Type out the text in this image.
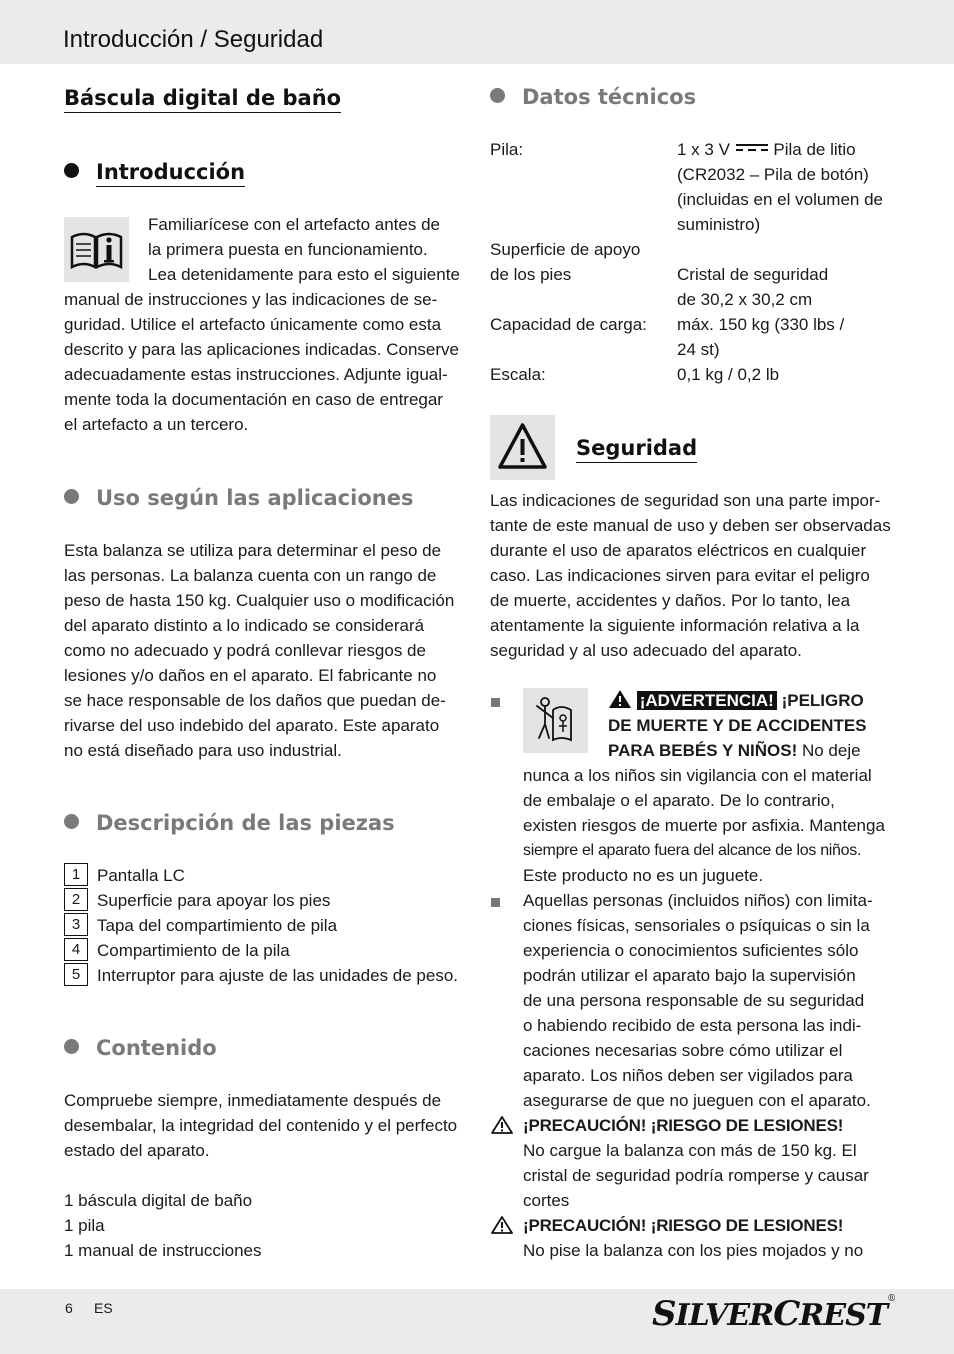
Introducción / Seguridad
Báscula digital de baño
Introducción

Familiarícese con el artefacto antes de

la primera puesta en funcionamiento.

Lea detenidamente para esto el siguiente

manual de instrucciones y las indicaciones de se-

guridad. Utilice el artefacto únicamente como esta

descrito y para las aplicaciones indicadas. Conserve

adecuadamente estas instrucciones. Adjunte igual-

mente toda la documentación en caso de entregar

el artefacto a un tercero.

Uso según las aplicaciones

Esta balanza se utiliza para determinar el peso de

las personas. La balanza cuenta con un rango de

peso de hasta 150 kg. Cualquier uso o modificación

del aparato distinto a lo indicado se considerará

como no adecuado y podrá conllevar riesgos de

lesiones y/o daños en el aparato. El fabricante no

se hace responsable de los daños que puedan de-

rivarse del uso indebido del aparato. Este aparato

no está diseñado para uso industrial.

Descripción de las piezas
1 Pantalla LC
2 Superficie para apoyar los pies
3 Tapa del compartimiento de pila
4 Compartimiento de la pila
5 Interruptor para ajuste de las unidades de peso.
Contenido

Compruebe siempre, inmediatamente después de

desembalar, la integridad del contenido y el perfecto

estado del aparato.

1 báscula digital de baño

1 pila

1 manual de instrucciones

Datos técnicos
Pila:	1 x 3 V	Pila de litio
(CR2032 – Pila de botón)
(incluidas en el volumen de
suministro)
Superficie de apoyo
de los pies	Cristal de seguridad
de 30,2 x 30,2 cm
Capacidad de carga: máx. 150 kg (330 lbs /
24 st)
Escala:	0,1 kg / 0,2 lb
Seguridad

Las indicaciones de seguridad son una parte impor-

tante de este manual de uso y deben ser observadas

durante el uso de aparatos eléctricos en cualquier

caso. Las indicaciones sirven para evitar el peligro

de muerte, accidentes y daños. Por lo tanto, lea

atentamente la siguiente información relativa a la

seguridad y al uso adecuado del aparato.

¡ADVERTENCIA! ¡PELIGRO
DE MUERTE Y DE ACCIDENTES
PARA BEBÉS Y NIÑOS! No deje

nunca a los niños sin vigilancia con el material

de embalaje o el aparato. De lo contrario,

existen riesgos de muerte por asfixia. Mantenga

siempre el aparato fuera del alcance de los niños.

Este producto no es un juguete.

Aquellas personas (incluidos niños) con limita-

ciones físicas, sensoriales o psíquicas o sin la

experiencia o conocimientos suficientes sólo

podrán utilizar el aparato bajo la supervisión

de una persona responsable de su seguridad

o habiendo recibido de esta persona las indi-

caciones necesarias sobre cómo utilizar el

aparato. Los niños deben ser vigilados para

asegurarse de que no jueguen con el aparato.

¡PRECAUCIÓN! ¡RIESGO DE LESIONES!

No cargue la balanza con más de 150 kg. El

cristal de seguridad podría romperse y causar

cortes

¡PRECAUCIÓN! ¡RIESGO DE LESIONES!

No pise la balanza con los pies mojados y no

6 ES	SILVERCREST®
